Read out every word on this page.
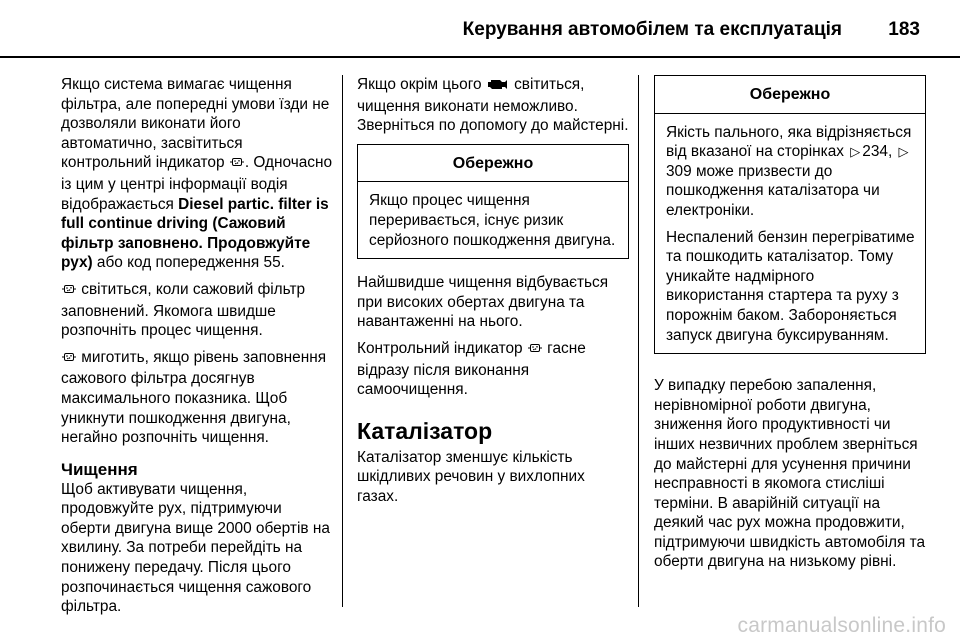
Керування автомобілем та експлуатація 183

Якщо система вимагає чищення фільтра, але попередні умови їзди не дозволяли виконати його автоматично, засвітиться контрольний індикатор . Одночасно із цим у центрі інформації водія відображається Diesel partic. filter is full continue driving (Сажовий фільтр заповнено. Продовжуйте рух) або код попередження 55.

світиться, коли сажовий фільтр заповнений. Якомога швидше розпочніть процес чищення.

миготить, якщо рівень заповнення сажового фільтра досягнув максимального показника. Щоб уникнути пошкодження двигуна, негайно розпочніть чищення.

Чищення

Щоб активувати чищення, продовжуйте рух, підтримуючи оберти двигуна вище 2000 обертів на хвилину. За потреби перейдіть на понижену передачу. Після цього розпочинається чищення сажового фільтра.

Якщо окрім цього світиться, чищення виконати неможливо. Зверніться по допомогу до майстерні.

Обережно

Якщо процес чищення переривається, існує ризик серйозного пошкодження двигуна.

Найшвидше чищення відбувається при високих обертах двигуна та навантаженні на нього.

Контрольний індикатор гасне відразу після виконання самоочищення.

Каталізатор

Каталізатор зменшує кількість шкідливих речовин у вихлопних газах.

Обережно

Якість пального, яка відрізняється від вказаної на сторінках ▷ 234, ▷309 може призвести до пошкодження каталізатора чи електроніки.

Неспалений бензин перегріватиме та пошкодить каталізатор. Тому уникайте надмірного використання стартера та руху з порожнім баком. Забороняється запуск двигуна буксируванням.

У випадку перебою запалення, нерівномірної роботи двигуна, зниження його продуктивності чи інших незвичних проблем зверніться до майстерні для усунення причини несправності в якомога стисліші терміни. В аварійній ситуації на деякий час рух можна продовжити, підтримуючи швидкість автомобіля та оберти двигуна на низькому рівні.

carmanualsonline.info
